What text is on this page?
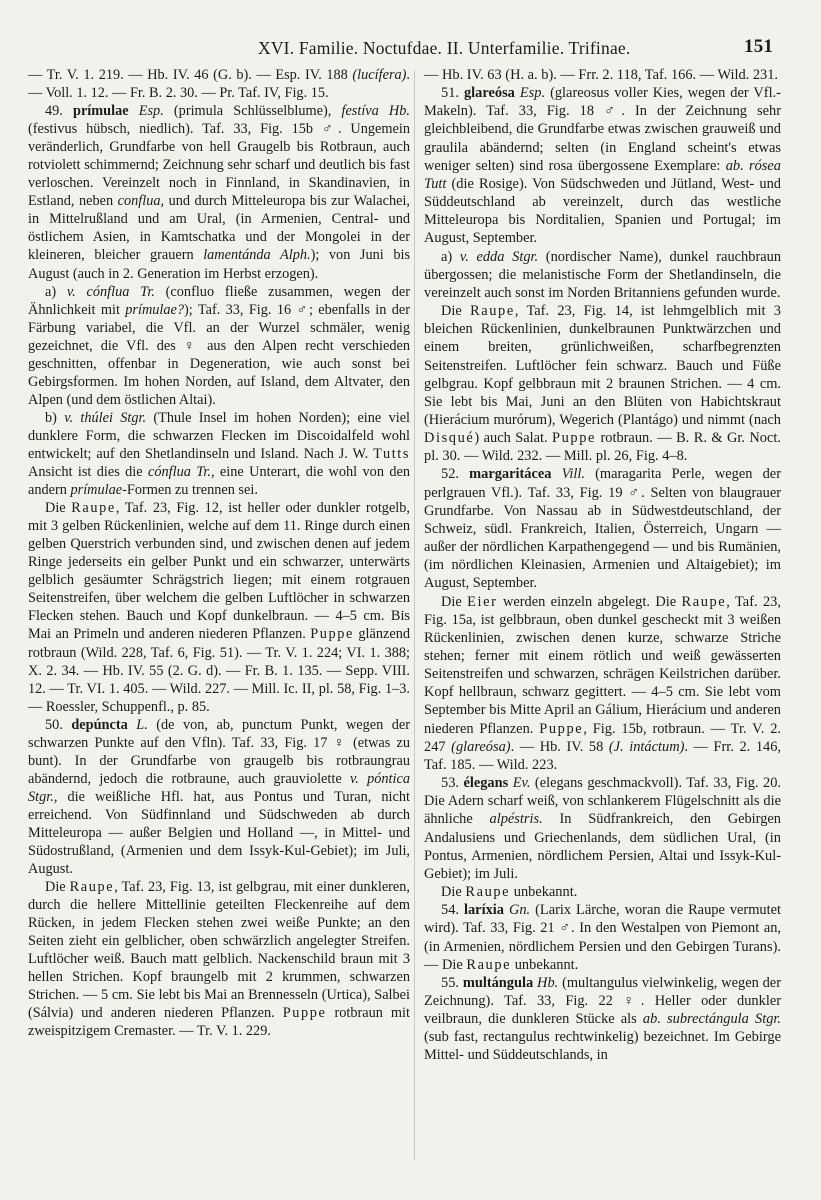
XVI. Familie. Noctufdae. II. Unterfamilie. Trifinae.	151

— Tr. V. 1. 219. — Hb. IV. 46 (G. b). — Esp. IV. 188 (lucífera). — Voll. 1. 12. — Fr. B. 2. 30. — Pr. Taf. IV, Fig. 15.

49. prímulae Esp. (primula Schlüsselblume), festíva Hb. (festivus hübsch, niedlich). Taf. 33, Fig. 15b ♂. Ungemein veränderlich, Grundfarbe von hell Graugelb bis Rotbraun, auch rotviolett schimmernd; Zeichnung sehr scharf und deutlich bis fast verloschen. Vereinzelt noch in Finnland, in Skandinavien, in Estland, neben conflua, und durch Mitteleuropa bis zur Walachei, in Mittelrußland und am Ural, (in Armenien, Central- und östlichem Asien, in Kamtschatka und der Mongolei in der kleineren, bleicher grauern lamentánda Alph.); von Juni bis August (auch in 2. Generation im Herbst erzogen).

a) v. cónflua Tr. (confluo fließe zusammen, wegen der Ähnlichkeit mit prímulae?); Taf. 33, Fig. 16 ♂; ebenfalls in der Färbung variabel, die Vfl. an der Wurzel schmäler, wenig gezeichnet, die Vfl. des ♀ aus den Alpen recht verschieden geschnitten, offenbar in Degeneration, wie auch sonst bei Gebirgsformen. Im hohen Norden, auf Island, dem Altvater, den Alpen (und dem östlichen Altai).

b) v. thúlei Stgr. (Thule Insel im hohen Norden); eine viel dunklere Form, die schwarzen Flecken im Discoidalfeld wohl entwickelt; auf den Shetlandinseln und Island. Nach J. W. Tutts Ansicht ist dies die cónflua Tr., eine Unterart, die wohl von den andern prímulae-Formen zu trennen sei.

Die Raupe, Taf. 23, Fig. 12, ist heller oder dunkler rotgelb, mit 3 gelben Rückenlinien, welche auf dem 11. Ringe durch einen gelben Querstrich verbunden sind, und zwischen denen auf jedem Ringe jederseits ein gelber Punkt und ein schwarzer, unterwärts gelblich gesäumter Schrägstrich liegen; mit einem rotgrauen Seitenstreifen, über welchem die gelben Luftlöcher in schwarzen Flecken stehen. Bauch und Kopf dunkelbraun. — 4–5 cm. Bis Mai an Primeln und anderen niederen Pflanzen. Puppe glänzend rotbraun (Wild. 228, Taf. 6, Fig. 51). — Tr. V. 1. 224; VI. 1. 388; X. 2. 34. — Hb. IV. 55 (2. G. d). — Fr. B. 1. 135. — Sepp. VIII. 12. — Tr. VI. 1. 405. — Wild. 227. — Mill. Ic. II, pl. 58, Fig. 1–3. — Roessler, Schuppenfl., p. 85.

50. depúncta L. (de von, ab, punctum Punkt, wegen der schwarzen Punkte auf den Vfln). Taf. 33, Fig. 17 ♀ (etwas zu bunt). In der Grundfarbe von graugelb bis rotbraungrau abändernd, jedoch die rotbraune, auch grauviolette v. póntica Stgr., die weißliche Hfl. hat, aus Pontus und Turan, nicht erreichend. Von Südfinnland und Südschweden ab durch Mitteleuropa — außer Belgien und Holland —, in Mittel- und Südostrußland, (Armenien und dem Issyk-Kul-Gebiet); im Juli, August.

Die Raupe, Taf. 23, Fig. 13, ist gelbgrau, mit einer dunkleren, durch die hellere Mittellinie geteilten Fleckenreihe auf dem Rücken, in jedem Flecken stehen zwei weiße Punkte; an den Seiten zieht ein gelblicher, oben schwärzlich angelegter Streifen. Luftlöcher weiß. Bauch matt gelblich. Nackenschild braun mit 3 hellen Strichen. Kopf braungelb mit 2 krummen, schwarzen Strichen. — 5 cm. Sie lebt bis Mai an Brennesseln (Urtica), Salbei (Sálvia) und anderen niederen Pflanzen. Puppe rotbraun mit zweispitzigem Cremaster. — Tr. V. 1. 229.

— Hb. IV. 63 (H. a. b). — Frr. 2. 118, Taf. 166. — Wild. 231.

51. glareósa Esp. (glareosus voller Kies, wegen der Vfl.-Makeln). Taf. 33, Fig. 18 ♂. In der Zeichnung sehr gleichbleibend, die Grundfarbe etwas zwischen grauweiß und graulila abändernd; selten (in England scheint's etwas weniger selten) sind rosa übergossene Exemplare: ab. rósea Tutt (die Rosige). Von Südschweden und Jütland, West- und Süddeutschland ab vereinzelt, durch das westliche Mitteleuropa bis Norditalien, Spanien und Portugal; im August, September.

a) v. edda Stgr. (nordischer Name), dunkel rauchbraun übergossen; die melanistische Form der Shetlandinseln, die vereinzelt auch sonst im Norden Britanniens gefunden wurde.

Die Raupe, Taf. 23, Fig. 14, ist lehmgelblich mit 3 bleichen Rückenlinien, dunkelbraunen Punktwärzchen und einem breiten, grünlichweißen, scharfbegrenzten Seitenstreifen. Luftlöcher fein schwarz. Bauch und Füße gelbgrau. Kopf gelbbraun mit 2 braunen Strichen. — 4 cm. Sie lebt bis Mai, Juni an den Blüten von Habichtskraut (Hierácium murórum), Wegerich (Plantágo) und nimmt (nach Disqué) auch Salat. Puppe rotbraun. — B. R. & Gr. Noct. pl. 30. — Wild. 232. — Mill. pl. 26, Fig. 4–8.

52. margaritácea Vill. (maragarita Perle, wegen der perlgrauen Vfl.). Taf. 33, Fig. 19 ♂. Selten von blaugrauer Grundfarbe. Von Nassau ab in Südwestdeutschland, der Schweiz, südl. Frankreich, Italien, Österreich, Ungarn — außer der nördlichen Karpathengegend — und bis Rumänien, (im nördlichen Kleinasien, Armenien und Altaigebiet); im August, September.

Die Eier werden einzeln abgelegt. Die Raupe, Taf. 23, Fig. 15a, ist gelbbraun, oben dunkel gescheckt mit 3 weißen Rückenlinien, zwischen denen kurze, schwarze Striche stehen; ferner mit einem rötlich und weiß gewässerten Seitenstreifen und schwarzen, schrägen Keilstrichen darüber. Kopf hellbraun, schwarz gegittert. — 4–5 cm. Sie lebt vom September bis Mitte April an Gálium, Hierácium und anderen niederen Pflanzen. Puppe, Fig. 15b, rotbraun. — Tr. V. 2. 247 (glareósa). — Hb. IV. 58 (J. intáctum). — Frr. 2. 146, Taf. 185. — Wild. 223.

53. élegans Ev. (elegans geschmackvoll). Taf. 33, Fig. 20. Die Adern scharf weiß, von schlankerem Flügelschnitt als die ähnliche alpéstris. In Südfrankreich, den Gebirgen Andalusiens und Griechenlands, dem südlichen Ural, (in Pontus, Armenien, nördlichem Persien, Altai und Issyk-Kul-Gebiet); im Juli.

Die Raupe unbekannt.

54. laríxia Gn. (Larix Lärche, woran die Raupe vermutet wird). Taf. 33, Fig. 21 ♂. In den Westalpen von Piemont an, (in Armenien, nördlichem Persien und den Gebirgen Turans). — Die Raupe unbekannt.

55. multángula Hb. (multangulus vielwinkelig, wegen der Zeichnung). Taf. 33, Fig. 22 ♀. Heller oder dunkler veilbraun, die dunkleren Stücke als ab. subrectángula Stgr. (sub fast, rectangulus rechtwinkelig) bezeichnet. Im Gebirge Mittel- und Süddeutschlands, in
